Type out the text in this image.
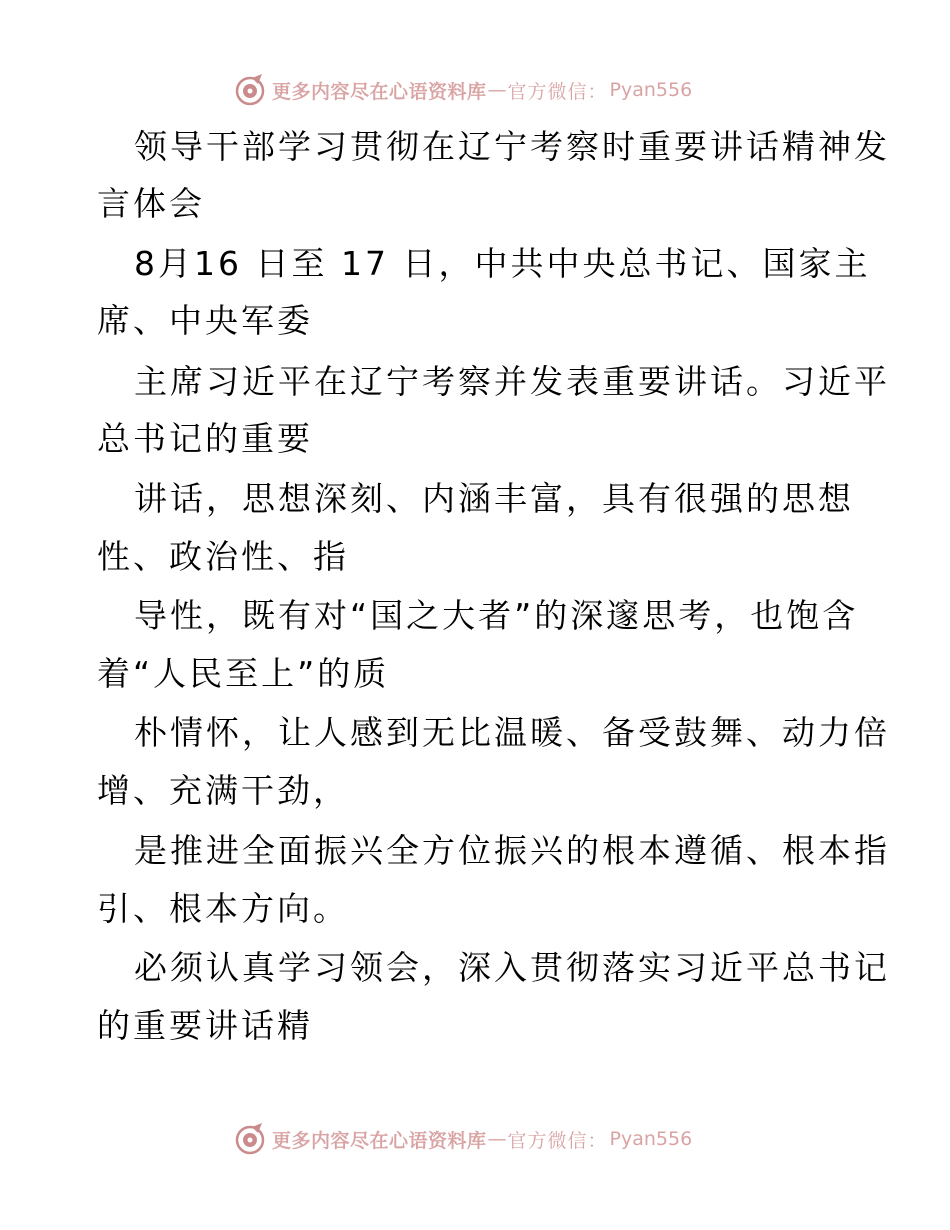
更多内容尽在心语资料库 — 官方微信： Pyan556
领导干部学习贯彻在辽宁考察时重要讲话精神发
言体会
8月16 日至 17 日，中共中央总书记、国家主
席、中央军委
主席习近平在辽宁考察并发表重要讲话。习近平
总书记的重要
讲话，思想深刻、内涵丰富，具有很强的思想
性、政治性、指
导性，既有对“国之大者”的深邃思考，也饱含
着“人民至上”的质
朴情怀，让人感到无比温暖、备受鼓舞、动力倍
增、充满干劲，
是推进全面振兴全方位振兴的根本遵循、根本指
引、根本方向。
必须认真学习领会，深入贯彻落实习近平总书记
的重要讲话精
更多内容尽在心语资料库 — 官方微信： Pyan556
